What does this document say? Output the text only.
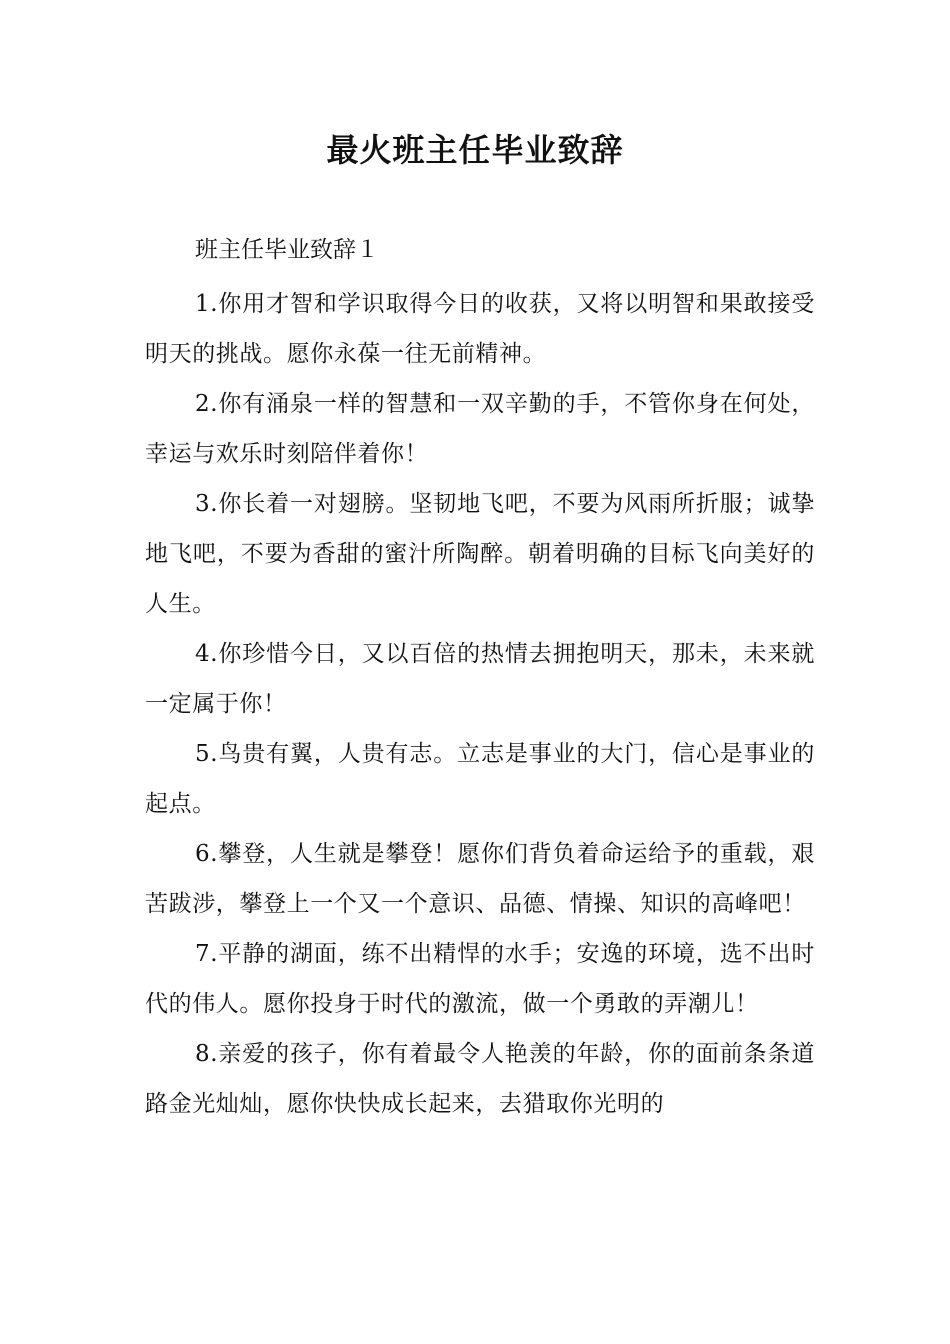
最火班主任毕业致辞

班主任毕业致辞１

1.你用才智和学识取得今日的收获，又将以明智和果敢接受明天的挑战。愿你永葆一往无前精神。

2.你有涌泉一样的智慧和一双辛勤的手，不管你身在何处，幸运与欢乐时刻陪伴着你！

3.你长着一对翅膀。坚韧地飞吧，不要为风雨所折服；诚挚地飞吧，不要为香甜的蜜汁所陶醉。朝着明确的目标飞向美好的人生。

4.你珍惜今日，又以百倍的热情去拥抱明天，那未，未来就一定属于你！

5.鸟贵有翼，人贵有志。立志是事业的大门，信心是事业的起点。

6.攀登，人生就是攀登！愿你们背负着命运给予的重载，艰苦跋涉，攀登上一个又一个意识、品德、情操、知识的高峰吧！

7.平静的湖面，练不出精悍的水手；安逸的环境，选不出时代的伟人。愿你投身于时代的激流，做一个勇敢的弄潮儿！

8.亲爱的孩子，你有着最令人艳羡的年龄，你的面前条条道路金光灿灿，愿你快快成长起来，去猎取你光明的
